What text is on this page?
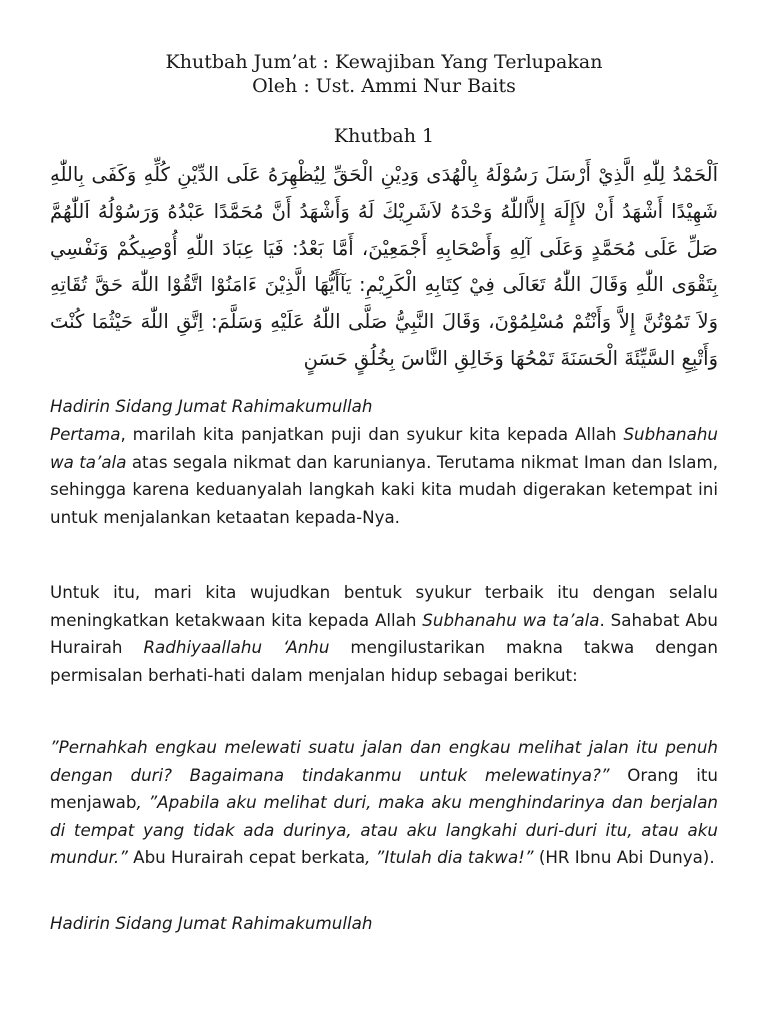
Khutbah Jum’at : Kewajiban Yang Terlupakan

Oleh : Ust. Ammi Nur Baits

Khutbah 1

اَلْحَمْدُ لِلّٰهِ الَّذِيْ أَرْسَلَ رَسُوْلَهُ بِالْهُدَى وَدِيْنِ الْحَقِّ لِيُظْهِرَهُ عَلَى الدِّيْنِ كُلِّهِ وَكَفَى بِاللّٰهِ شَهِيْدًا أَشْهَدُ أَنْ لاَإِلَهَ إِلاَّاللّٰهُ وَحْدَهُ لاَشَرِيْكَ لَهُ وَأَشْهَدُ أَنَّ مُحَمَّدًا عَبْدُهُ وَرَسُوْلُهُ اَللّٰهُمَّ صَلِّ عَلَى مُحَمَّدٍ وَعَلَى آلِهِ وَأَصْحَابِهِ أَجْمَعِيْنَ، أَمَّا بَعْدُ: فَيَا عِبَادَ اللّٰهِ أُوْصِيكُمْ وَنَفْسِي بِتَقْوَى اللّٰهِ وَقَالَ اللّٰهُ تَعَالَى فِيْ كِتَابِهِ الْكَرِيْمِ: يَآأَيُّهَا الَّذِيْنَ ءَامَنُوْا اتَّقُوْا اللّٰهَ حَقَّ تُقَاتِهِ وَلاَ تَمُوْتُنَّ إِلاَّ وَأَنْتُمْ مُسْلِمُوْنَ، وَقَالَ النَّبِيُّ صَلَّى اللّٰهُ عَلَيْهِ وَسَلَّمَ: اِتَّقِ اللّٰهَ حَيْثُمَا كُنْتَ وَأَتْبِعِ السَّيِّئَةَ الْحَسَنَةَ تَمْحُهَا وَخَالِقِ النَّاسَ بِخُلُقٍ حَسَنٍ

Hadirin Sidang Jumat Rahimakumullah

Pertama, marilah kita panjatkan puji dan syukur kita kepada Allah Subhanahu wa ta’ala atas segala nikmat dan karunianya. Terutama nikmat Iman dan Islam, sehingga karena keduanyalah langkah kaki kita mudah digerakan ketempat ini untuk menjalankan ketaatan kepada-Nya.

Untuk itu, mari kita wujudkan bentuk syukur terbaik itu dengan selalu meningkatkan ketakwaan kita kepada Allah Subhanahu wa ta’ala. Sahabat Abu Hurairah Radhiyaallahu ‘Anhu mengilustarikan makna takwa dengan permisalan berhati-hati dalam menjalan hidup sebagai berikut:

”Pernahkah engkau melewati suatu jalan dan engkau melihat jalan itu penuh dengan duri? Bagaimana tindakanmu untuk melewatinya?” Orang itu menjawab, ”Apabila aku melihat duri, maka aku menghindarinya dan berjalan di tempat yang tidak ada durinya, atau aku langkahi duri-duri itu, atau aku mundur.” Abu Hurairah cepat berkata, ”Itulah dia takwa!” (HR Ibnu Abi Dunya).

Hadirin Sidang Jumat Rahimakumullah
